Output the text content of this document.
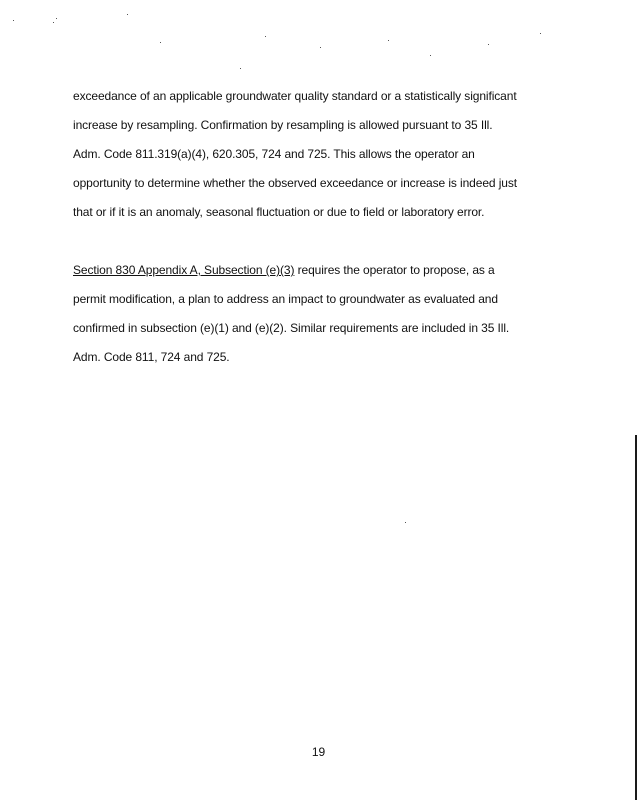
exceedance of an applicable groundwater quality standard or a statistically significant
increase by resampling. Confirmation by resampling is allowed pursuant to 35 Ill.
Adm. Code 811.319(a)(4), 620.305, 724 and 725. This allows the operator an
opportunity to determine whether the observed exceedance or increase is indeed just
that or if it is an anomaly, seasonal fluctuation or due to field or laboratory error.
Section 830 Appendix A, Subsection (e)(3) requires the operator to propose, as a
permit modification, a plan to address an impact to groundwater as evaluated and
confirmed in subsection (e)(1) and (e)(2). Similar requirements are included in 35 Ill.
Adm. Code 811, 724 and 725.
19
